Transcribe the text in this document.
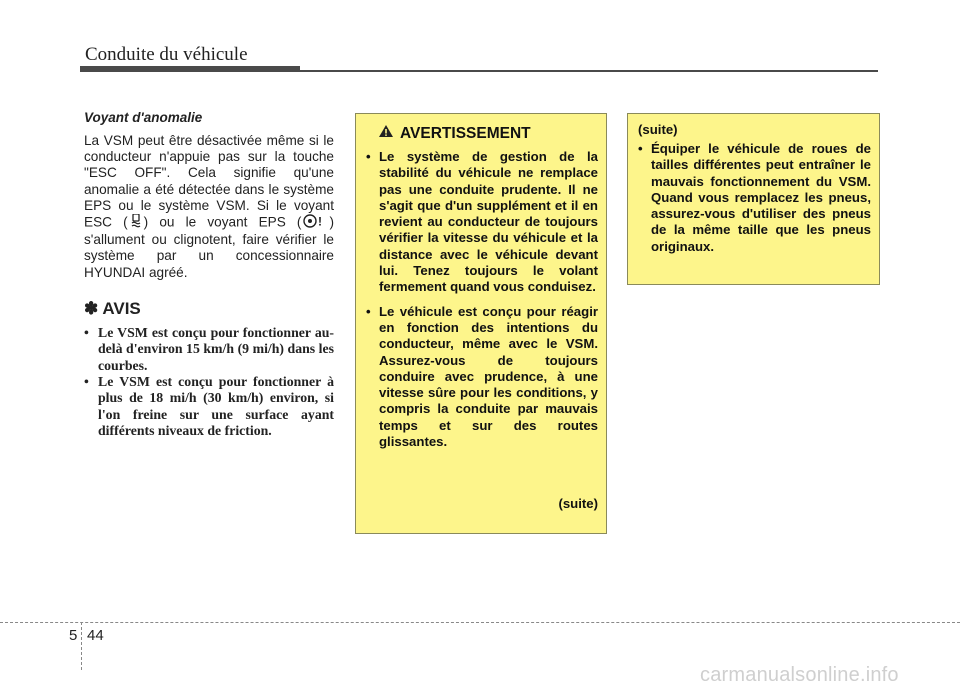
Conduite du véhicule
Voyant d'anomalie
La VSM peut être désactivée même si le conducteur n'appuie pas sur la touche "ESC OFF". Cela signifie qu'une anomalie a été détectée dans le système EPS ou le système VSM. Si le voyant ESC ( ) ou le voyant EPS ( ! ) s'allument ou clignotent, faire vérifier le système par un concessionnaire HYUNDAI agréé.
✽ AVIS
• Le VSM est conçu pour fonctionner au-delà d'environ 15 km/h (9 mi/h) dans les courbes.
• Le VSM est conçu pour fonctionner à plus de 18 mi/h (30 km/h) environ, si l'on freine sur une surface ayant différents niveaux de friction.
AVERTISSEMENT
• Le système de gestion de la stabilité du véhicule ne remplace pas une conduite prudente. Il ne s'agit que d'un supplément et il en revient au conducteur de toujours vérifier la vitesse du véhicule et la distance avec le véhicule devant lui. Tenez toujours le volant fermement quand vous conduisez.
• Le véhicule est conçu pour réagir en fonction des intentions du conducteur, même avec le VSM. Assurez-vous de toujours conduire avec prudence, à une vitesse sûre pour les conditions, y compris la conduite par mauvais temps et sur des routes glissantes.
(suite)
(suite)
• Équiper le véhicule de roues de tailles différentes peut entraîner le mauvais fonctionnement du VSM. Quand vous remplacez les pneus, assurez-vous d'utiliser des pneus de la même taille que les pneus originaux.
5 44
carmanualsonline.info
